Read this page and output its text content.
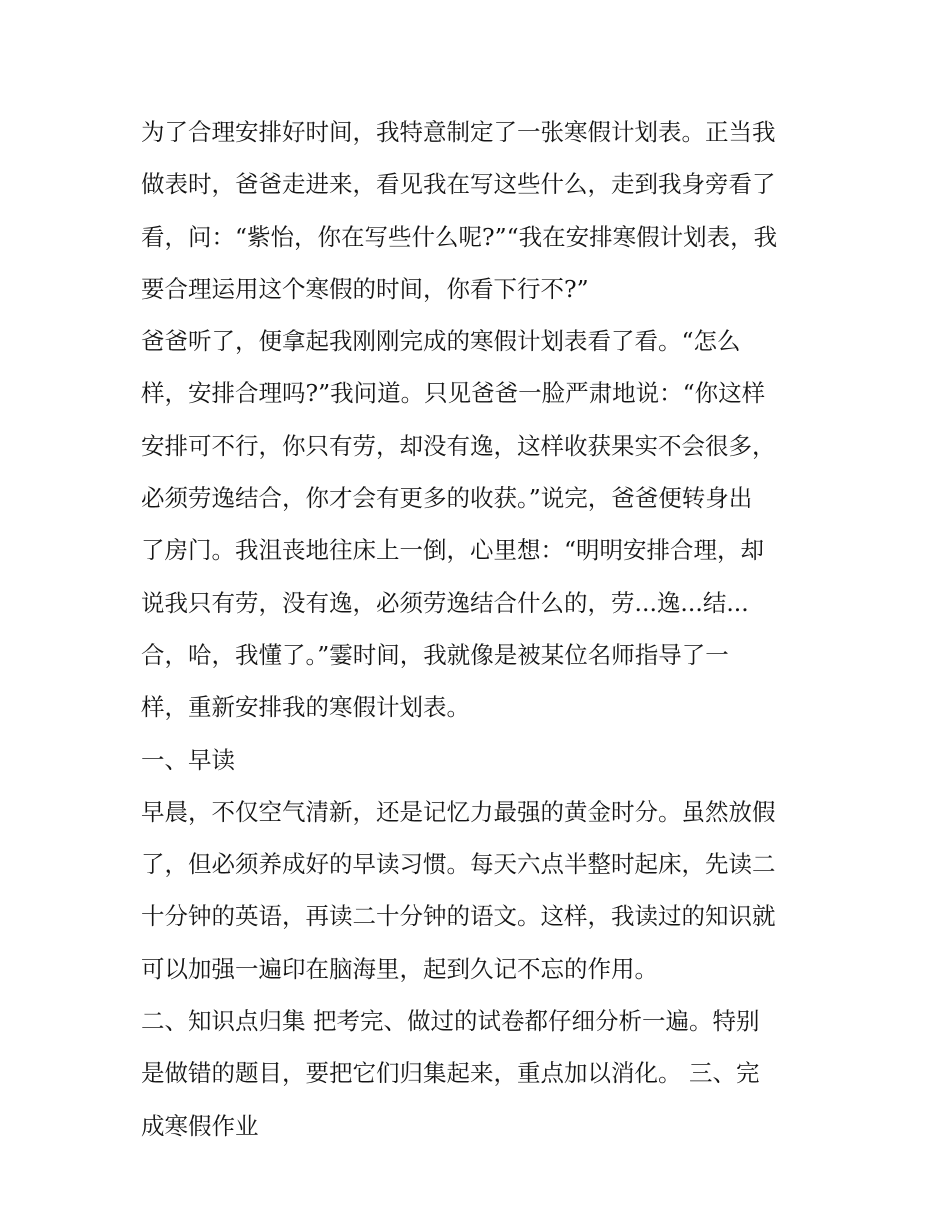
为了合理安排好时间，我特意制定了一张寒假计划表。正当我
做表时，爸爸走进来，看见我在写这些什么，走到我身旁看了
看，问：“紫怡，你在写些什么呢?”“我在安排寒假计划表，我
要合理运用这个寒假的时间，你看下行不?”
爸爸听了，便拿起我刚刚完成的寒假计划表看了看。“怎么
样，安排合理吗?”我问道。只见爸爸一脸严肃地说：“你这样
安排可不行，你只有劳，却没有逸，这样收获果实不会很多，
必须劳逸结合，你才会有更多的收获。”说完，爸爸便转身出
了房门。我沮丧地往床上一倒，心里想：“明明安排合理，却
说我只有劳，没有逸，必须劳逸结合什么的，劳...逸...结...
合，哈，我懂了。”霎时间，我就像是被某位名师指导了一
样，重新安排我的寒假计划表。
一、早读
早晨，不仅空气清新，还是记忆力最强的黄金时分。虽然放假
了，但必须养成好的早读习惯。每天六点半整时起床，先读二
十分钟的英语，再读二十分钟的语文。这样，我读过的知识就
可以加强一遍印在脑海里，起到久记不忘的作用。
二、知识点归集 把考完、做过的试卷都仔细分析一遍。特别
是做错的题目，要把它们归集起来，重点加以消化。 三、完
成寒假作业
